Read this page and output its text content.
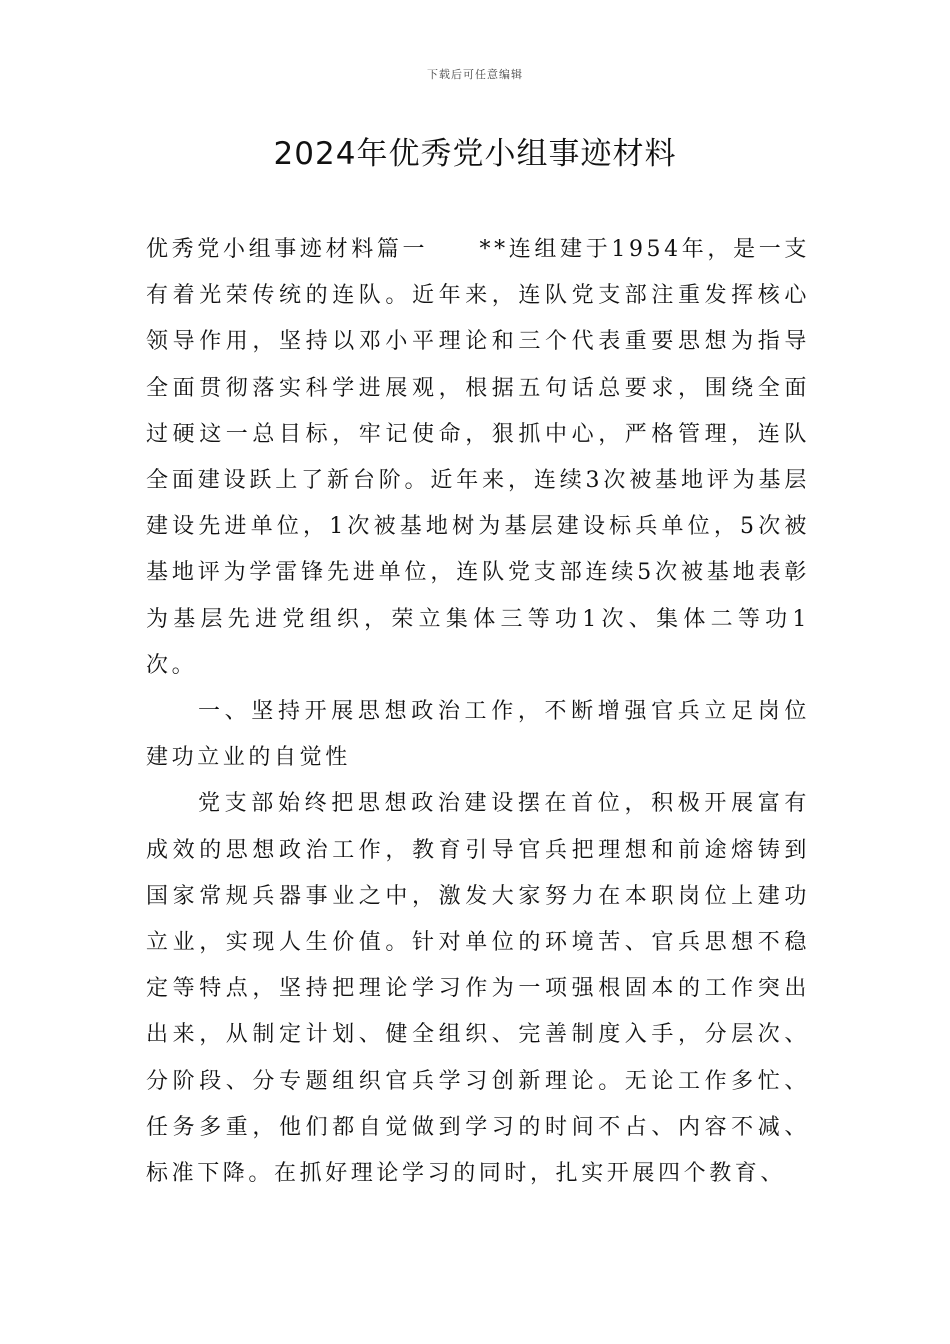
下载后可任意编辑
2024年优秀党小组事迹材料

优秀党小组事迹材料篇一　　**连组建于1954年，是一支有着光荣传统的连队。近年来，连队党支部注重发挥核心领导作用，坚持以邓小平理论和三个代表重要思想为指导全面贯彻落实科学进展观，根据五句话总要求，围绕全面过硬这一总目标，牢记使命，狠抓中心，严格管理，连队全面建设跃上了新台阶。近年来，连续3次被基地评为基层建设先进单位，1次被基地树为基层建设标兵单位，5次被基地评为学雷锋先进单位，连队党支部连续5次被基地表彰为基层先进党组织，荣立集体三等功1次、集体二等功1次。

一、坚持开展思想政治工作，不断增强官兵立足岗位建功立业的自觉性

党支部始终把思想政治建设摆在首位，积极开展富有成效的思想政治工作，教育引导官兵把理想和前途熔铸到国家常规兵器事业之中，激发大家努力在本职岗位上建功立业，实现人生价值。针对单位的环境苦、官兵思想不稳定等特点，坚持把理论学习作为一项强根固本的工作突出出来，从制定计划、健全组织、完善制度入手，分层次、分阶段、分专题组织官兵学习创新理论。无论工作多忙、任务多重，他们都自觉做到学习的时间不占、内容不减、标准下降。在抓好理论学习的同时，扎实开展四个教育、
